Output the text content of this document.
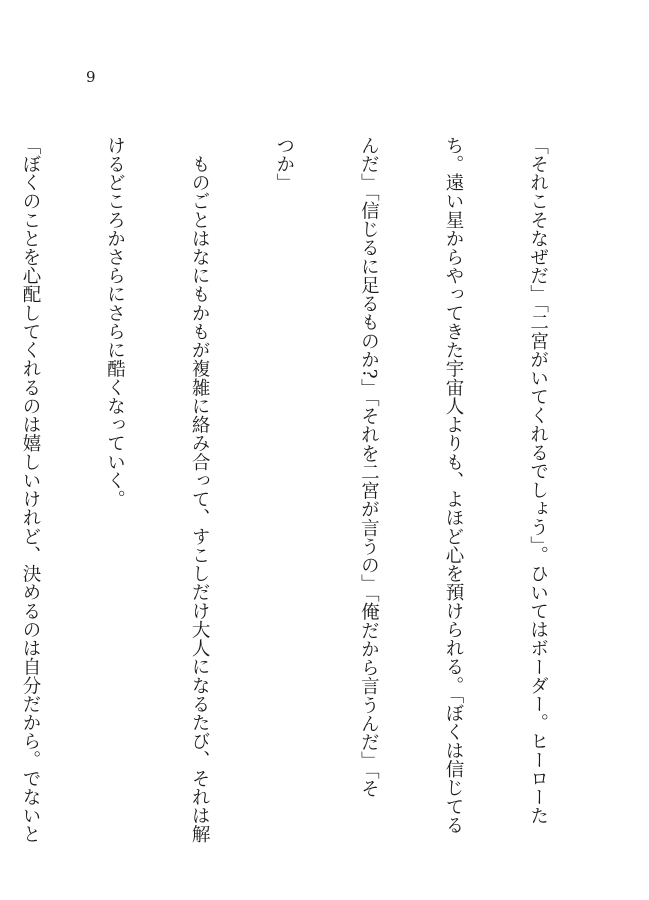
9

「それこそなぜだ」「二宮がいてくれるでしょう」。ひいてはボーダー。ヒーローた

ち。遠い星からやってきた宇宙人よりも、よほど心を預けられる。「ぼくは信じてる

んだ」「信じるに足るものか?」「それを二宮が言うの」「俺だから言うんだ」「そ

つか」

　ものごとはなにもかもが複雑に絡み合って、すこしだけ大人になるたび、それは解

けるどころかさらにさらに酷くなっていく。

「ぼくのことを心配してくれるのは嬉しいけれど、決めるのは自分だから。でないと
